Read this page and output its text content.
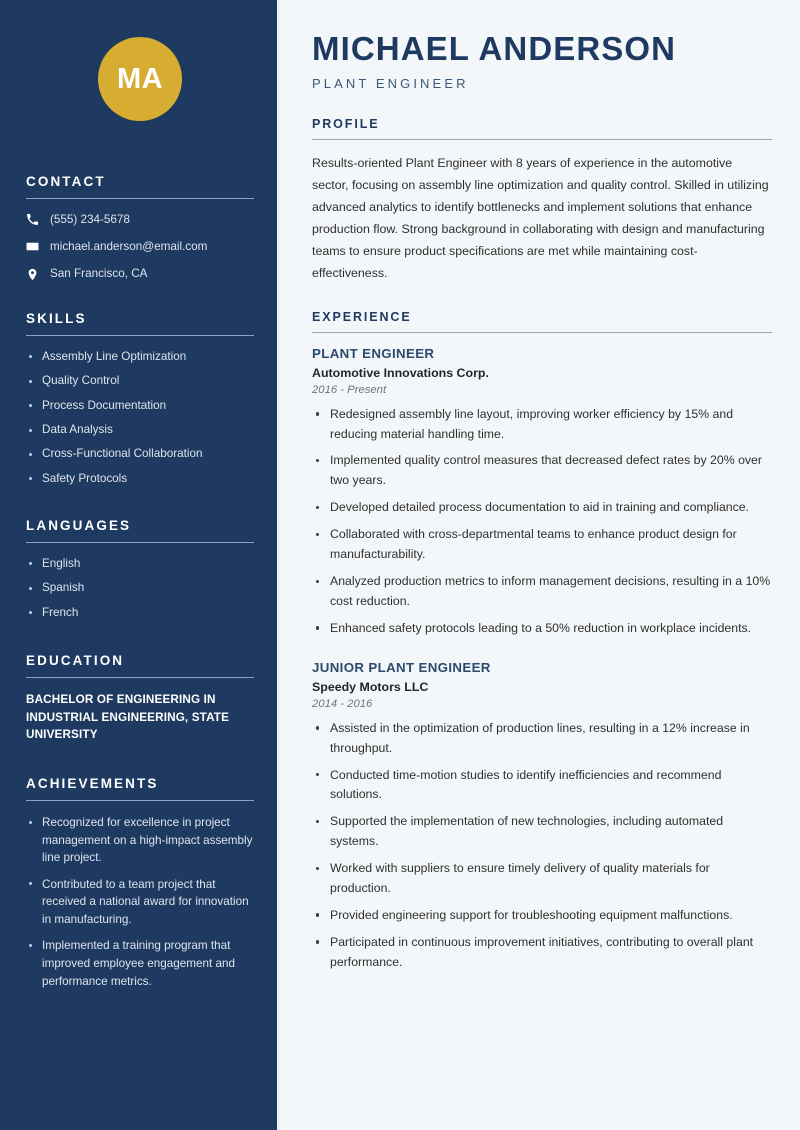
MA
CONTACT
(555) 234-5678
michael.anderson@email.com
San Francisco, CA
SKILLS
Assembly Line Optimization
Quality Control
Process Documentation
Data Analysis
Cross-Functional Collaboration
Safety Protocols
LANGUAGES
English
Spanish
French
EDUCATION
BACHELOR OF ENGINEERING IN INDUSTRIAL ENGINEERING, STATE UNIVERSITY
ACHIEVEMENTS
Recognized for excellence in project management on a high-impact assembly line project.
Contributed to a team project that received a national award for innovation in manufacturing.
Implemented a training program that improved employee engagement and performance metrics.
MICHAEL ANDERSON
PLANT ENGINEER
PROFILE

Results-oriented Plant Engineer with 8 years of experience in the automotive sector, focusing on assembly line optimization and quality control. Skilled in utilizing advanced analytics to identify bottlenecks and implement solutions that enhance production flow. Strong background in collaborating with design and manufacturing teams to ensure product specifications are met while maintaining cost-effectiveness.

EXPERIENCE
PLANT ENGINEER
Automotive Innovations Corp.
2016 - Present
Redesigned assembly line layout, improving worker efficiency by 15% and reducing material handling time.
Implemented quality control measures that decreased defect rates by 20% over two years.
Developed detailed process documentation to aid in training and compliance.
Collaborated with cross-departmental teams to enhance product design for manufacturability.
Analyzed production metrics to inform management decisions, resulting in a 10% cost reduction.
Enhanced safety protocols leading to a 50% reduction in workplace incidents.
JUNIOR PLANT ENGINEER
Speedy Motors LLC
2014 - 2016
Assisted in the optimization of production lines, resulting in a 12% increase in throughput.
Conducted time-motion studies to identify inefficiencies and recommend solutions.
Supported the implementation of new technologies, including automated systems.
Worked with suppliers to ensure timely delivery of quality materials for production.
Provided engineering support for troubleshooting equipment malfunctions.
Participated in continuous improvement initiatives, contributing to overall plant performance.
